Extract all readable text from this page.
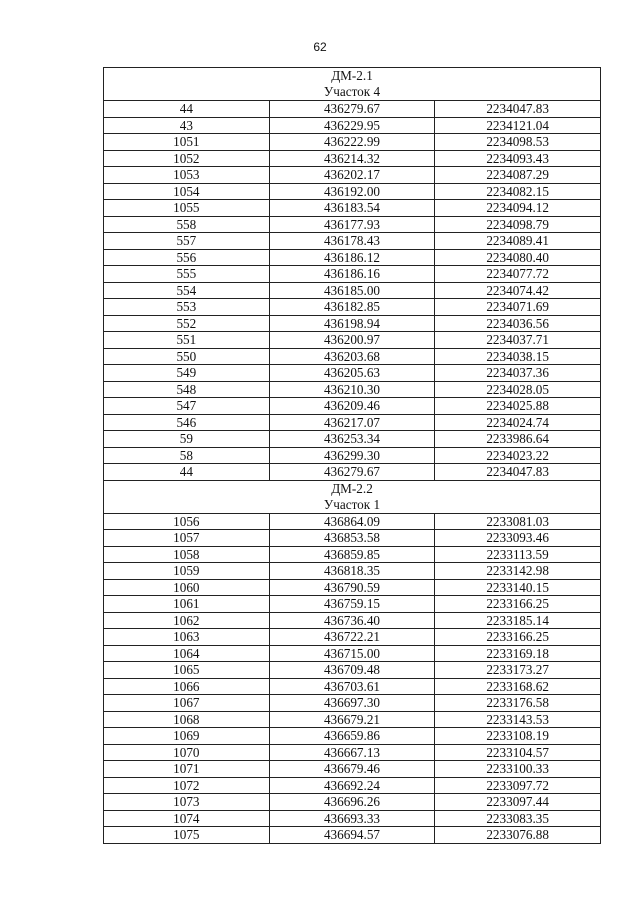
62
ДМ-2.1
Участок 4		

44	436279.67	2234047.83
43	436229.95	2234121.04
1051	436222.99	2234098.53
1052	436214.32	2234093.43
1053	436202.17	2234087.29
1054	436192.00	2234082.15
1055	436183.54	2234094.12
558	436177.93	2234098.79
557	436178.43	2234089.41
556	436186.12	2234080.40
555	436186.16	2234077.72
554	436185.00	2234074.42
553	436182.85	2234071.69
552	436198.94	2234036.56
551	436200.97	2234037.71
550	436203.68	2234038.15
549	436205.63	2234037.36
548	436210.30	2234028.05
547	436209.46	2234025.88
546	436217.07	2234024.74
59	436253.34	2233986.64
58	436299.30	2234023.22
44	436279.67	2234047.83

ДМ-2.2
Участок 1		

1056	436864.09	2233081.03
1057	436853.58	2233093.46
1058	436859.85	2233113.59
1059	436818.35	2233142.98
1060	436790.59	2233140.15
1061	436759.15	2233166.25
1062	436736.40	2233185.14
1063	436722.21	2233166.25
1064	436715.00	2233169.18
1065	436709.48	2233173.27
1066	436703.61	2233168.62
1067	436697.30	2233176.58
1068	436679.21	2233143.53
1069	436659.86	2233108.19
1070	436667.13	2233104.57
1071	436679.46	2233100.33
1072	436692.24	2233097.72
1073	436696.26	2233097.44
1074	436693.33	2233083.35
1075	436694.57	2233076.88
